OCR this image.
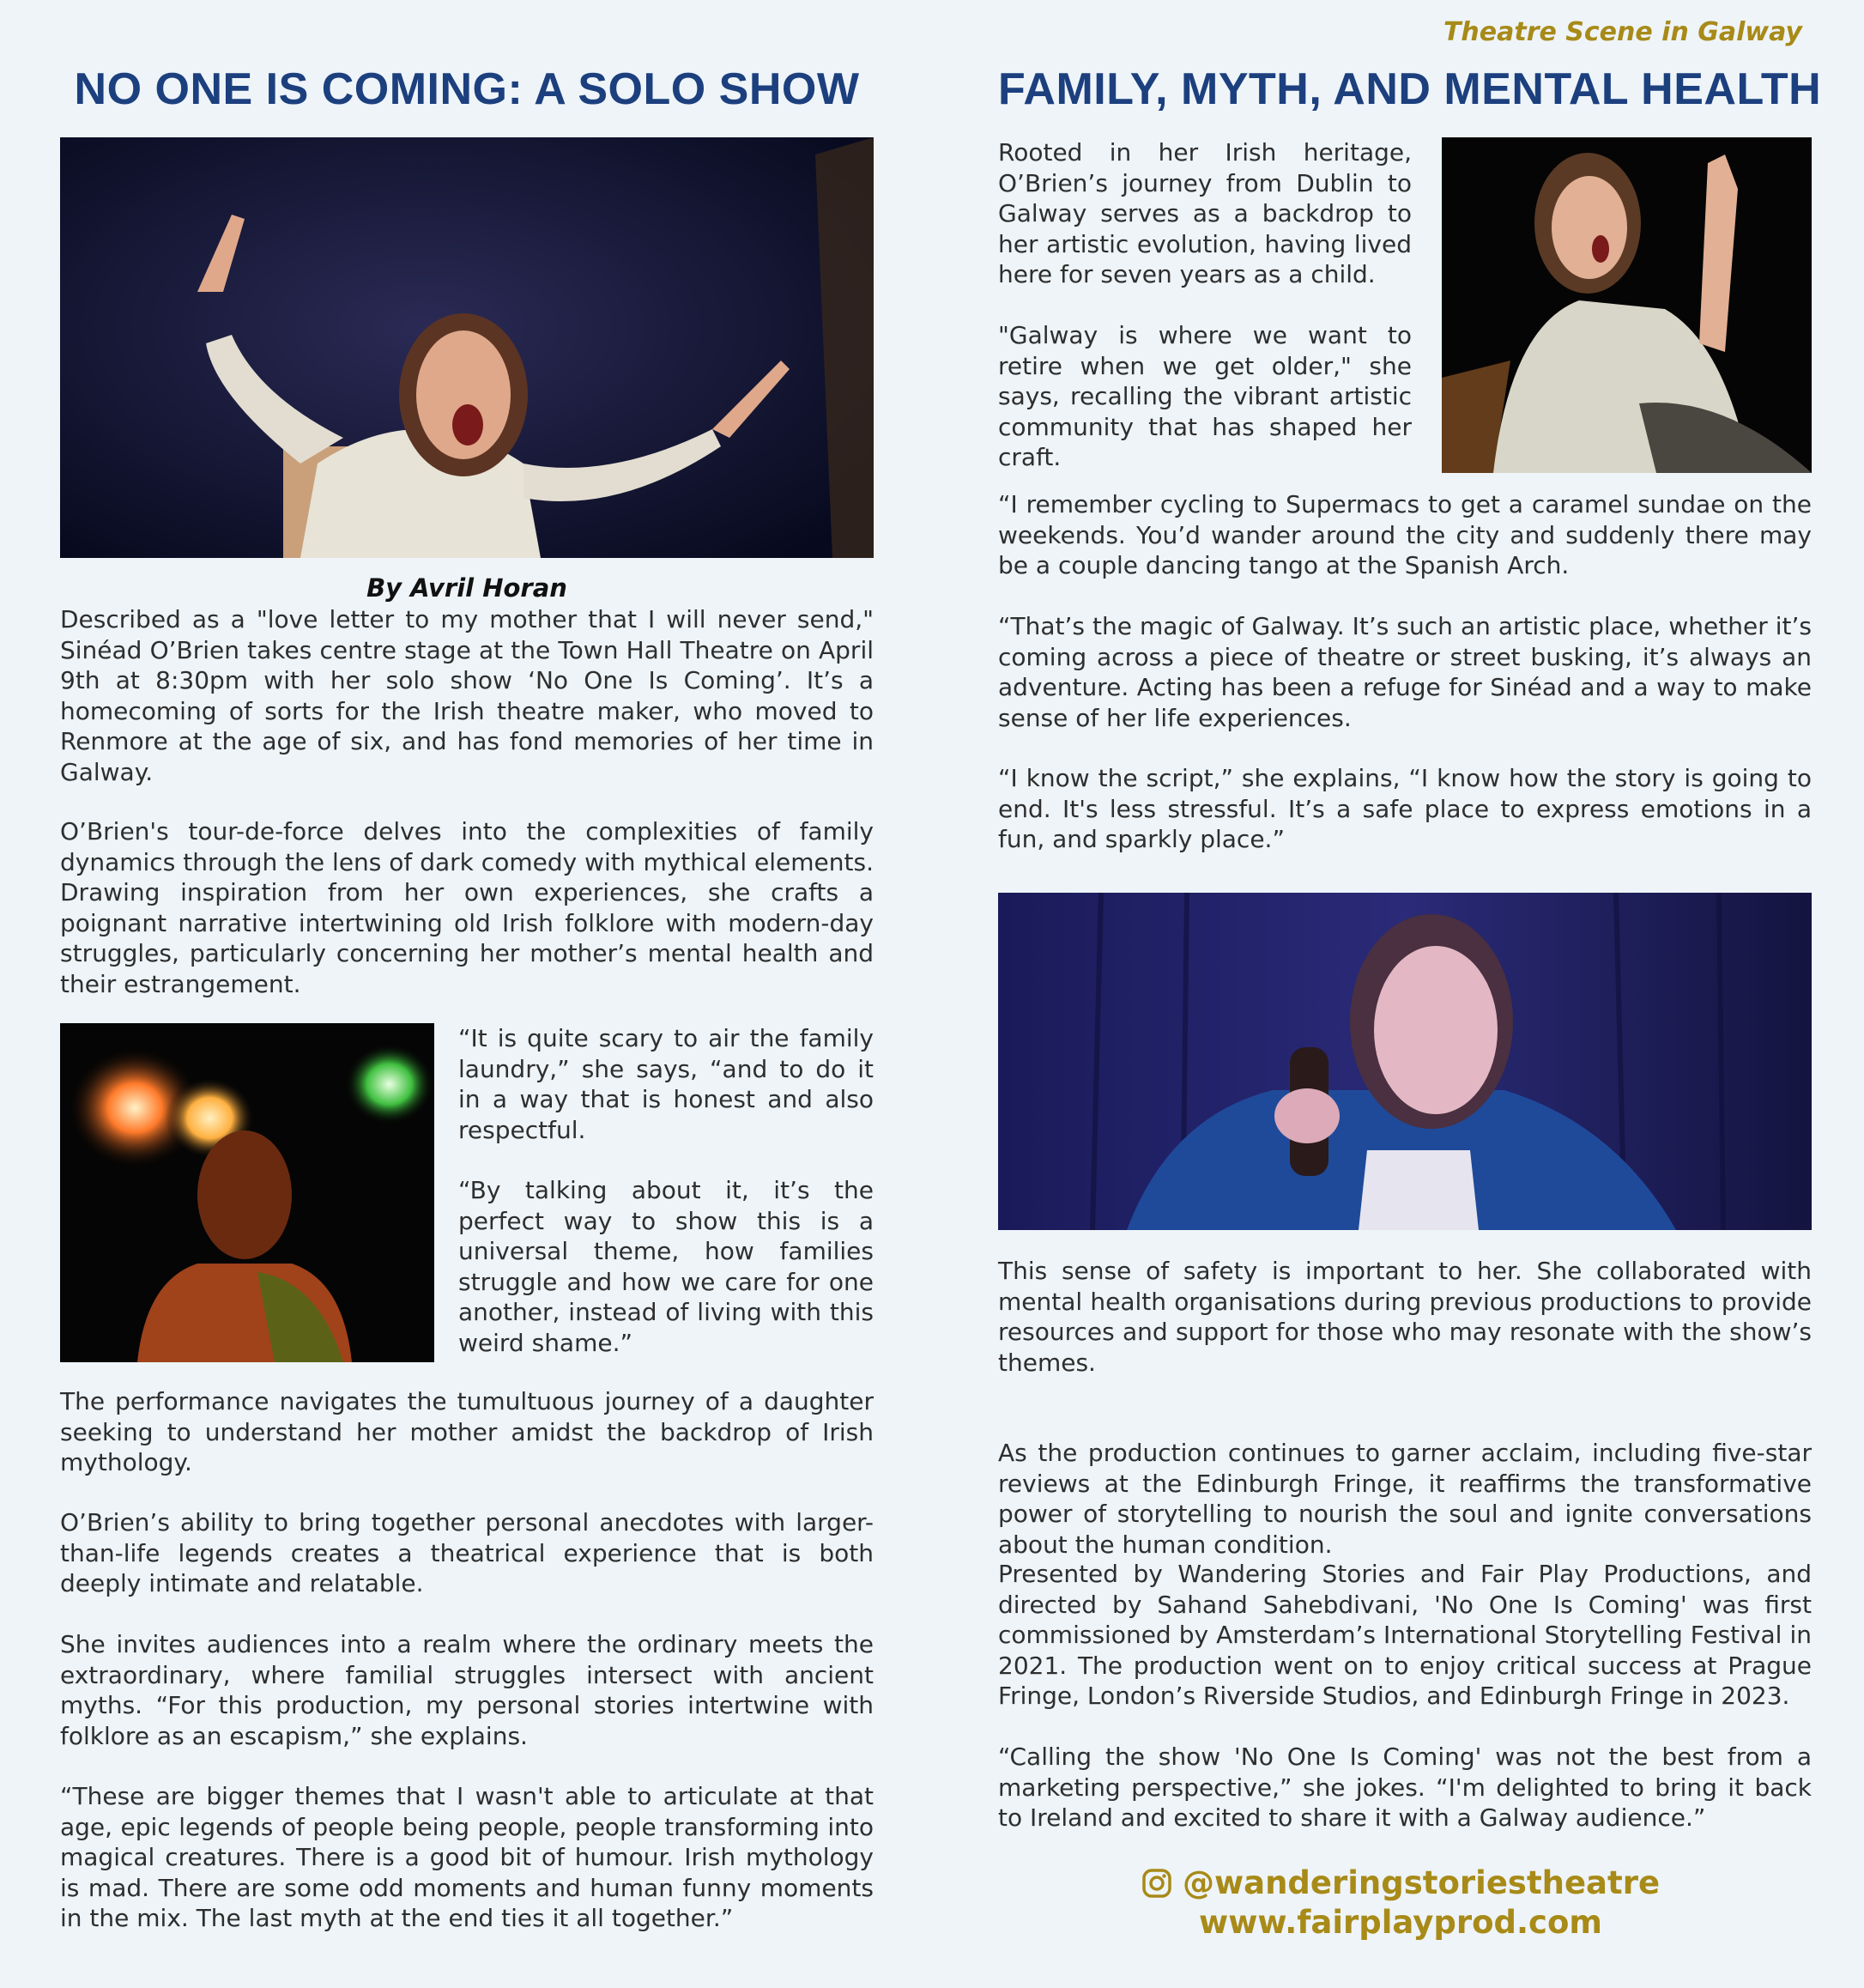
Theatre Scene in Galway
NO ONE IS COMING: A SOLO SHOW	FAMILY, MYTH, AND MENTAL HEALTH
By Avril Horan

Described as a "love letter to my mother that I will never send," Sinéad O’Brien takes centre stage at the Town Hall Theatre on April 9th at 8:30pm with her solo show ‘No One Is Coming’. It’s a homecoming of sorts for the Irish theatre maker, who moved to Renmore at the age of six, and has fond memories of her time in Galway.

O’Brien's tour-de-force delves into the complexities of family dynamics through the lens of dark comedy with mythical elements. Drawing inspiration from her own experiences, she crafts a poignant narrative intertwining old Irish folklore with modern-day struggles, particularly concerning her mother’s mental health and their estrangement.

“It is quite scary to air the family laundry,” she says, “and to do it in a way that is honest and also respectful.

“By talking about it, it’s the perfect way to show this is a universal theme, how families struggle and how we care for one another, instead of living with this weird shame.”

The performance navigates the tumultuous journey of a daughter seeking to understand her mother amidst the backdrop of Irish mythology.

O’Brien’s ability to bring together personal anecdotes with larger-than-life legends creates a theatrical experience that is both deeply intimate and relatable.

She invites audiences into a realm where the ordinary meets the extraordinary, where familial struggles intersect with ancient myths. “For this production, my personal stories intertwine with folklore as an escapism,” she explains.

“These are bigger themes that I wasn't able to articulate at that age, epic legends of people being people, people transforming into magical creatures. There is a good bit of humour. Irish mythology is mad. There are some odd moments and human funny moments in the mix. The last myth at the end ties it all together.”

Rooted in her Irish heritage, O’Brien’s journey from Dublin to Galway serves as a backdrop to her artistic evolution, having lived here for seven years as a child.

"Galway is where we want to retire when we get older," she says, recalling the vibrant artistic community that has shaped her craft.

“I remember cycling to Supermacs to get a caramel sundae on the weekends. You’d wander around the city and suddenly there may be a couple dancing tango at the Spanish Arch.

“That’s the magic of Galway. It’s such an artistic place, whether it’s coming across a piece of theatre or street busking, it’s always an adventure. Acting has been a refuge for Sinéad and a way to make sense of her life experiences.

“I know the script,” she explains, “I know how the story is going to end. It's less stressful. It’s a safe place to express emotions in a fun, and sparkly place.”

This sense of safety is important to her. She collaborated with mental health organisations during previous productions to provide resources and support for those who may resonate with the show’s themes.

As the production continues to garner acclaim, including five-star reviews at the Edinburgh Fringe, it reaffirms the transformative power of storytelling to nourish the soul and ignite conversations about the human condition.

Presented by Wandering Stories and Fair Play Productions, and directed by Sahand Sahebdivani, 'No One Is Coming' was first commissioned by Amsterdam’s International Storytelling Festival in 2021. The production went on to enjoy critical success at Prague Fringe, London’s Riverside Studios, and Edinburgh Fringe in 2023.

“Calling the show 'No One Is Coming' was not the best from a marketing perspective,” she jokes. “I'm delighted to bring it back to Ireland and excited to share it with a Galway audience.”

@wanderingstoriestheatre
www.fairplayprod.com
